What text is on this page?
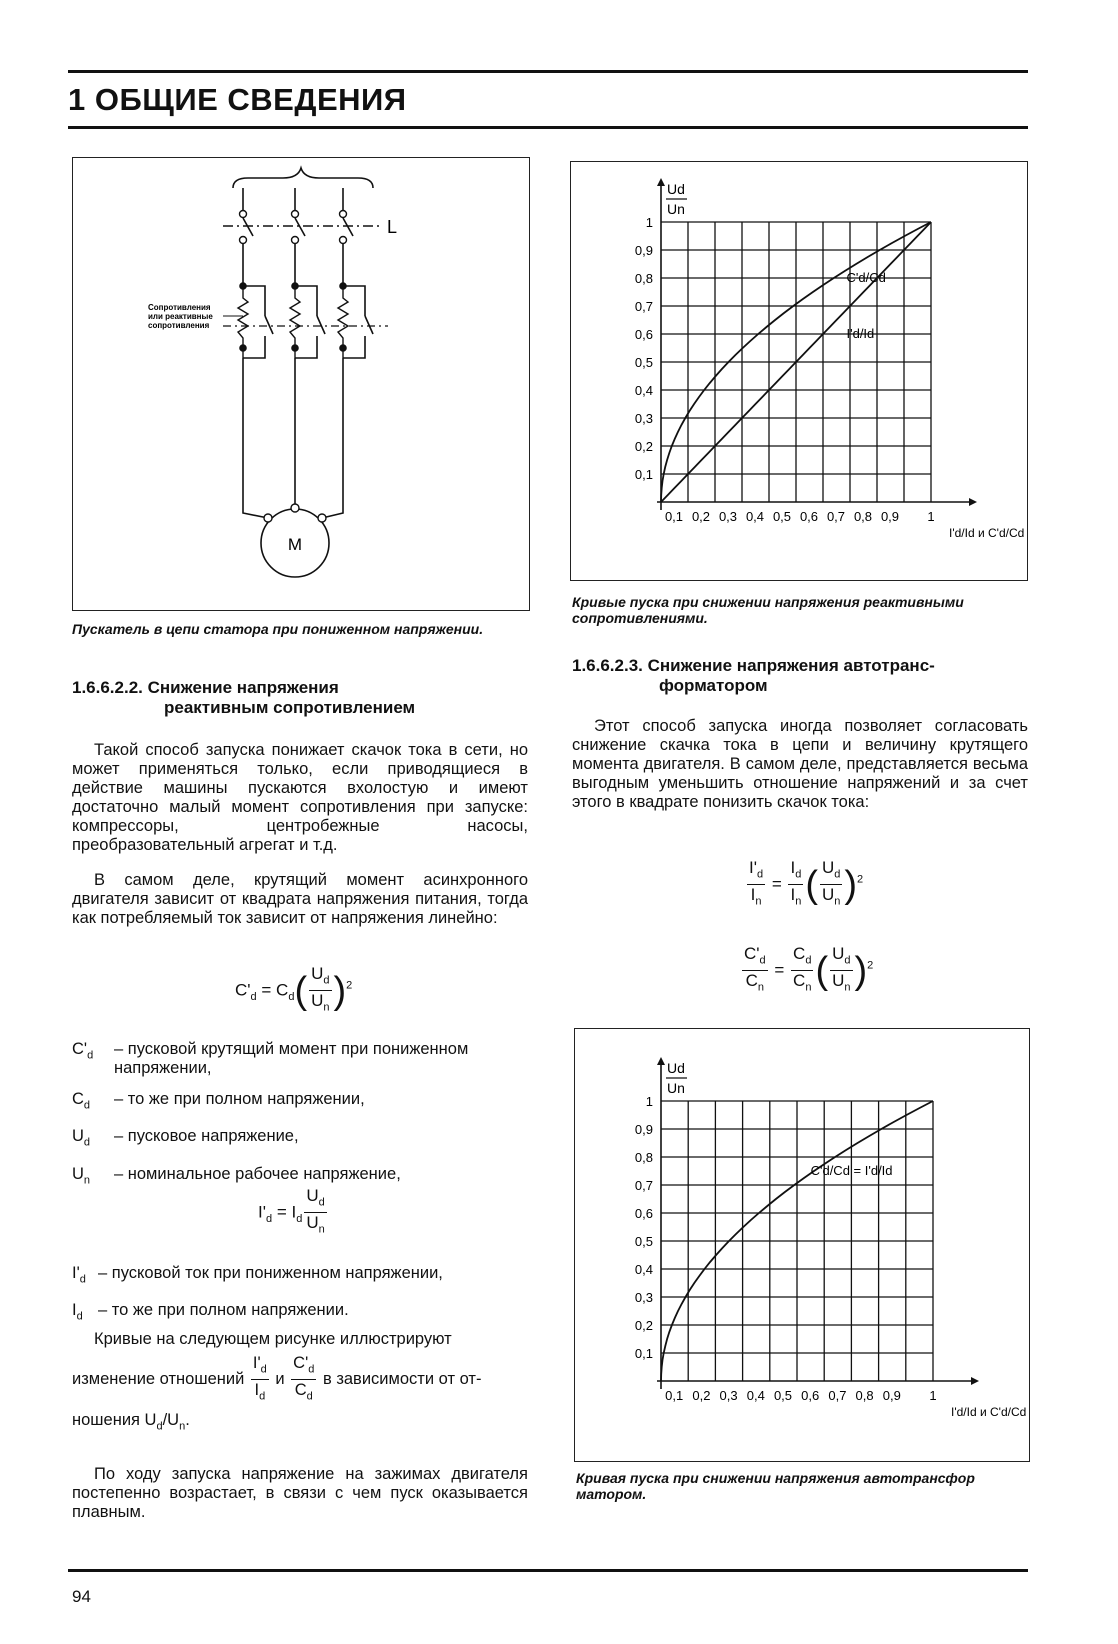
1 ОБЩИЕ СВЕДЕНИЯ
L
Сопротивления
или реактивные
сопротивления
M
Пускатель в цепи статора при пониженном напряжении.
1.6.6.2.2. Снижение напряжения
реактивным сопротивлением
Такой способ запуска понижает скачок тока в сети, но может применяться только, если приводящиеся в действие машины пускаются вхолостую и имеют достаточно малый момент сопротивления при запуске: компрессоры, центробежные насосы, преобразовательный агрегат и т.д.
В самом деле, крутящий момент асинхронного двигателя зависит от квадрата напряжения питания, тогда как потребляемый ток зависит от напряжения линейно:
$C'_d = C_d( \frac{U_d}{U_n} )^2$
$C'_d$	– пусковой крутящий момент при пониженном напряжении,
$C_d$	– то же при полном напряжении,
$U_d$	– пусковое напряжение,
$U_n$	– номинальное рабочее напряжение,
$I'_d = I_d \frac{U_d}{U_n}$
$I'_d$ – пусковой ток при пониженном напряжении,
$I_d$ – то же при полном напряжении.
Кривые на следующем рисунке иллюстрируют
изменение отношений $\frac{I'_d}{I_d}$ и $\frac{C'_d}{C_d}$ в зависимости от от-
ношения $U_d/U_n$.
По ходу запуска напряжение на зажимах двигателя постепенно возрастает, в связи с чем пуск оказывается плавным.
0,1
0,2
0,3
0,4
0,5
0,6
0,7
0,8
0,9
1
0,1 0,2 0,3 0,4 0,5 0,6 0,7 0,8 0,9 1
Ud
Un
I'd/Id и C'd/Cd
C'd/Cd
I'd/Id
Кривые пуска при снижении напряжения реактивными сопротивлениями.
1.6.6.2.3. Снижение напряжения автотранс-
форматором
Этот способ запуска иногда позволяет согласовать снижение скачка тока в цепи и величину крутящего момента двигателя. В самом деле, представляется весьма выгодным уменьшить отношение напряжений и за счет этого в квадрате понизить скачок тока:
$\frac{I'_d}{I_n} = \frac{I_d}{I_n}$ ( $\frac{U_d}{U_n} )^2$
$\frac{C'_d}{C_n} = \frac{C_d}{C_n}$ ( $\frac{U_d}{U_n} )^2$
0,1
0,2
0,3
0,4
0,5
0,6
0,7
0,8
0,9
1
0,1 0,2 0,3 0,4 0,5 0,6 0,7 0,8 0,9 1
Ud
Un
I'd/Id и C'd/Cd
C'd/Cd = I'd/Id
Кривая пуска при снижении напряжения автотрансфор матором.
94
